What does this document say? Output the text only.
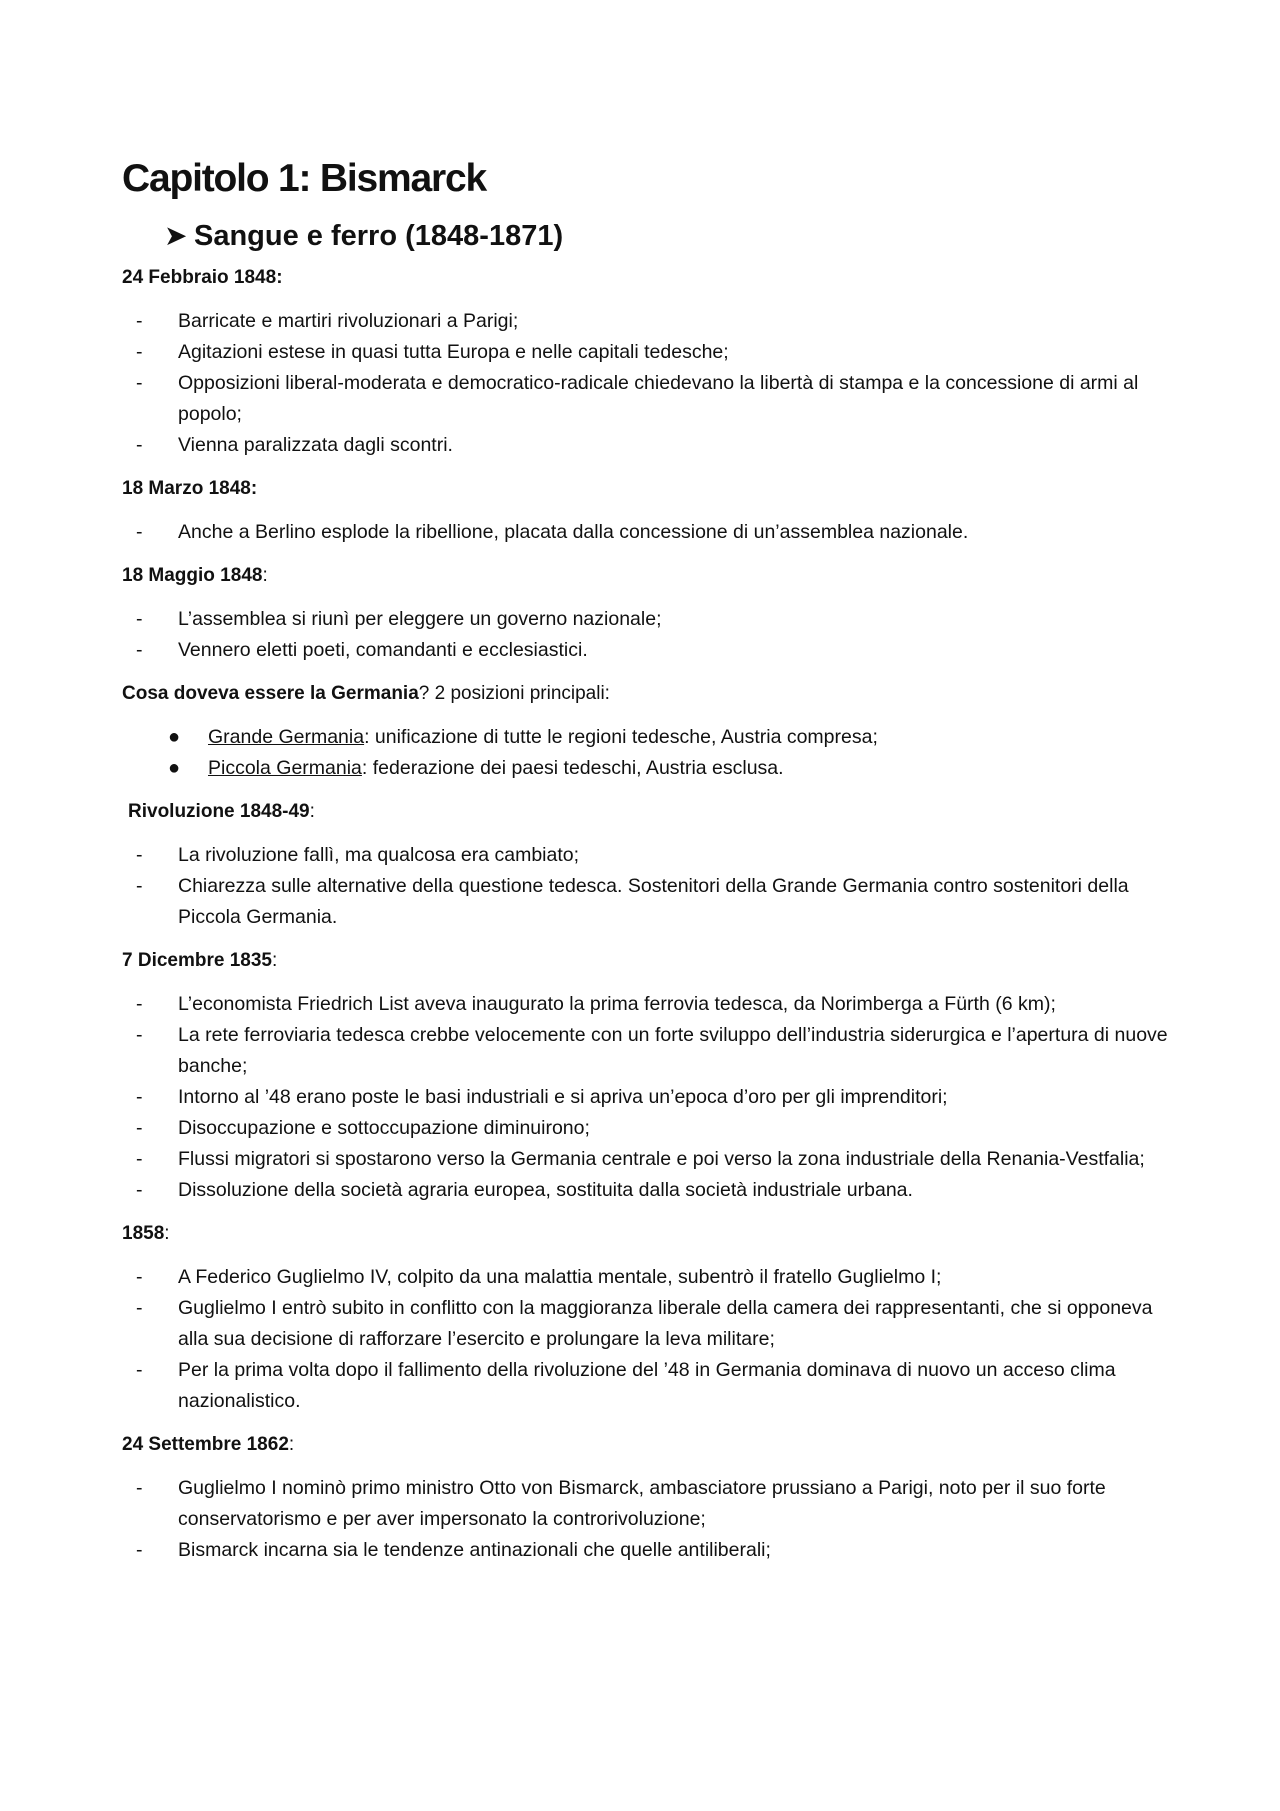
Capitolo 1: Bismarck
➤ Sangue e ferro (1848-1871)
24 Febbraio 1848:
-	Barricate e martiri rivoluzionari a Parigi;
-	Agitazioni estese in quasi tutta Europa e nelle capitali tedesche;
-	Opposizioni liberal-moderata e democratico-radicale chiedevano la libertà di stampa e la concessione di armi al popolo;
-	Vienna paralizzata dagli scontri.
18 Marzo 1848:
-	Anche a Berlino esplode la ribellione, placata dalla concessione di un’assemblea nazionale.
18 Maggio 1848:
-	L’assemblea si riunì per eleggere un governo nazionale;
-	Vennero eletti poeti, comandanti e ecclesiastici.
Cosa doveva essere la Germania? 2 posizioni principali:
● Grande Germania: unificazione di tutte le regioni tedesche, Austria compresa;
● Piccola Germania: federazione dei paesi tedeschi, Austria esclusa.
Rivoluzione 1848-49:
-	La rivoluzione fallì, ma qualcosa era cambiato;
-	Chiarezza sulle alternative della questione tedesca. Sostenitori della Grande Germania contro sostenitori della Piccola Germania.
7 Dicembre 1835:
-	L’economista Friedrich List aveva inaugurato la prima ferrovia tedesca, da Norimberga a Fürth (6 km);
-	La rete ferroviaria tedesca crebbe velocemente con un forte sviluppo dell’industria siderurgica e l’apertura di nuove banche;
-	Intorno al ’48 erano poste le basi industriali e si apriva un’epoca d’oro per gli imprenditori;
-	Disoccupazione e sottoccupazione diminuirono;
-	Flussi migratori si spostarono verso la Germania centrale e poi verso la zona industriale della Renania-Vestfalia;
-	Dissoluzione della società agraria europea, sostituita dalla società industriale urbana.
1858:
-	A Federico Guglielmo IV, colpito da una malattia mentale, subentrò il fratello Guglielmo I;
-	Guglielmo I entrò subito in conflitto con la maggioranza liberale della camera dei rappresentanti, che si opponeva alla sua decisione di rafforzare l’esercito e prolungare la leva militare;
-	Per la prima volta dopo il fallimento della rivoluzione del ’48 in Germania dominava di nuovo un acceso clima nazionalistico.
24 Settembre 1862:
-	Guglielmo I nominò primo ministro Otto von Bismarck, ambasciatore prussiano a Parigi, noto per il suo forte conservatorismo e per aver impersonato la controrivoluzione;
-	Bismarck incarna sia le tendenze antinazionali che quelle antiliberali;
